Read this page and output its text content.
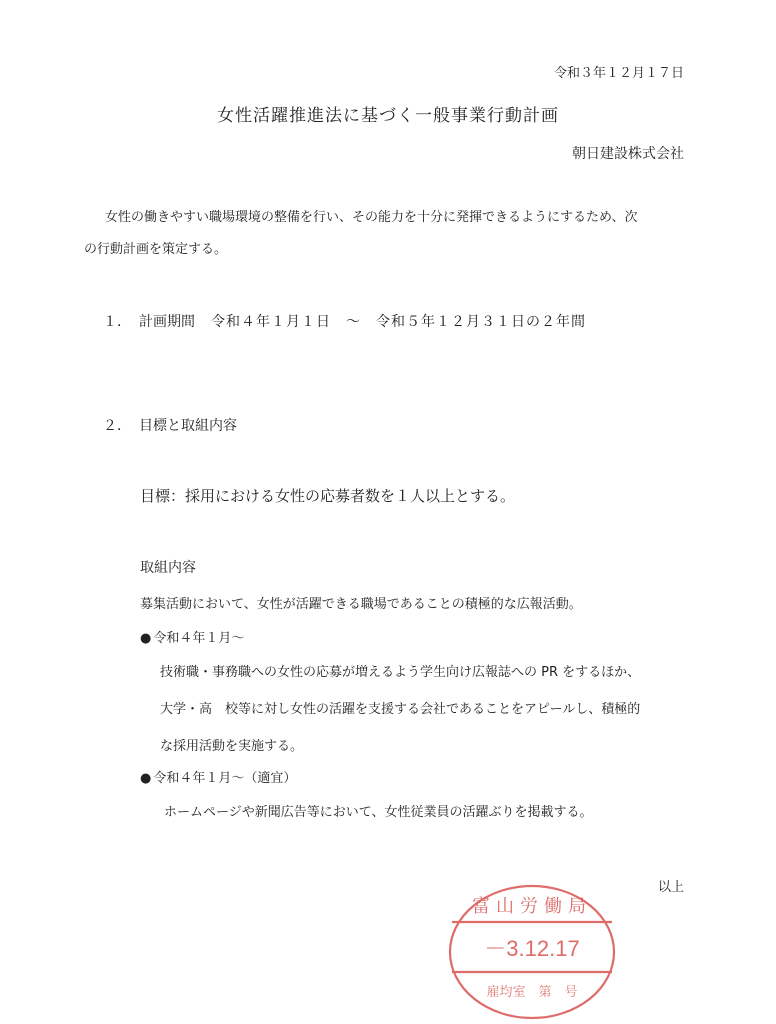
令和３年１２月１７日
女性活躍推進法に基づく一般事業行動計画
朝日建設株式会社
女性の働きやすい職場環境の整備を行い、その能力を十分に発揮できるようにするため、次
の行動計画を策定する。
１． 計画期間 令和４年１月１日　～　令和５年１２月３１日の２年間
２． 目標と取組内容
目標：採用における女性の応募者数を１人以上とする。
取組内容
募集活動において、女性が活躍できる職場であることの積極的な広報活動。
● 令和４年１月～
技術職・事務職への女性の応募が増えるよう学生向け広報誌への PR をするほか、
大学・高　校等に対し女性の活躍を支援する会社であることをアピールし、積極的
な採用活動を実施する。
● 令和４年１月～（適宜）
ホームページや新聞広告等において、女性従業員の活躍ぶりを掲載する。
以上
富山労働局
－3.12.17
雇均室　第　号
